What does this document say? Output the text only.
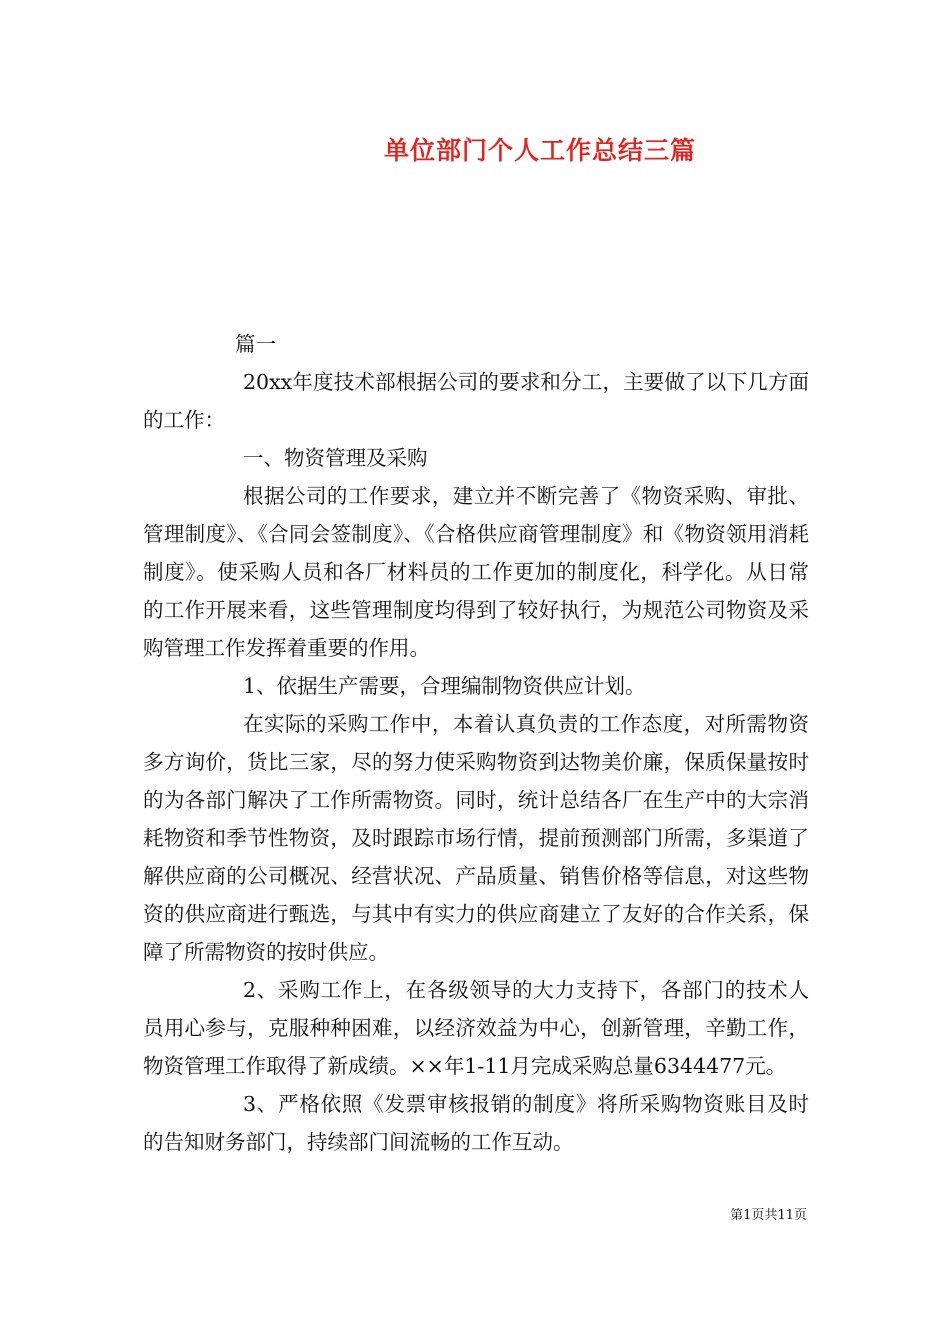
单位部门个人工作总结三篇

篇一

20xx年度技术部根据公司的要求和分工，主要做了以下几方面的工作：

一、物资管理及采购

根据公司的工作要求，建立并不断完善了《物资采购、审批、管理制度》、《合同会签制度》、《合格供应商管理制度》和《物资领用消耗制度》。使采购人员和各厂材料员的工作更加的制度化，科学化。从日常的工作开展来看，这些管理制度均得到了较好执行，为规范公司物资及采购管理工作发挥着重要的作用。

1、依据生产需要，合理编制物资供应计划。

在实际的采购工作中，本着认真负责的工作态度，对所需物资多方询价，货比三家，尽的努力使采购物资到达物美价廉，保质保量按时的为各部门解决了工作所需物资。同时，统计总结各厂在生产中的大宗消耗物资和季节性物资，及时跟踪市场行情，提前预测部门所需，多渠道了解供应商的公司概况、经营状况、产品质量、销售价格等信息，对这些物资的供应商进行甄选，与其中有实力的供应商建立了友好的合作关系，保障了所需物资的按时供应。

2、采购工作上，在各级领导的大力支持下，各部门的技术人员用心参与，克服种种困难，以经济效益为中心，创新管理，辛勤工作，物资管理工作取得了新成绩。××年1-11月完成采购总量6344477元。

3、严格依照《发票审核报销的制度》将所采购物资账目及时的告知财务部门，持续部门间流畅的工作互动。

第1页共11页
